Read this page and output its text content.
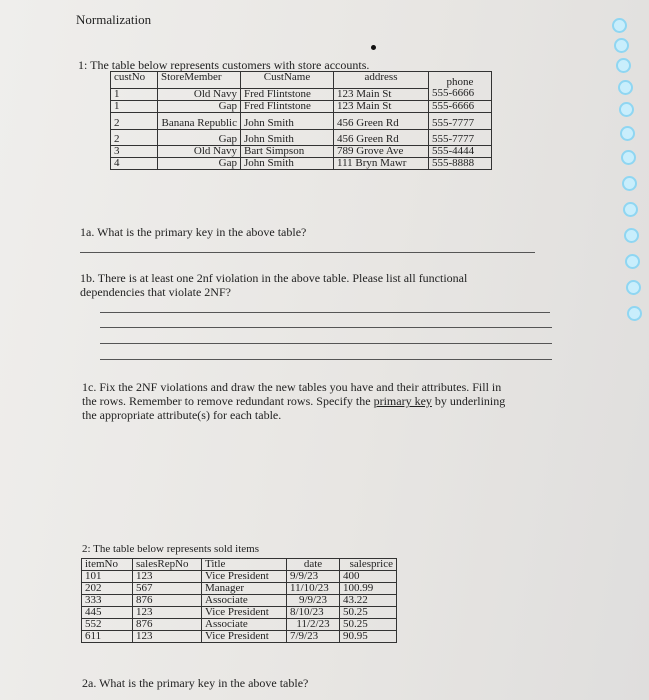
Normalization
1: The table below represents customers with store accounts.
custNo	StoreMember	CustName	address	phone
1	Old Navy	Fred Flintstone	123 Main St	555-6666
1	Gap	Fred Flintstone	123 Main St	555-6666
2	Banana Republic	John Smith	456 Green Rd	555-7777
2	Gap	John Smith	456 Green Rd	555-7777
3	Old Navy	Bart Simpson	789 Grove Ave	555-4444
4	Gap	John Smith	111 Bryn Mawr	555-8888
1a. What is the primary key in the above table?
1b. There is at least one 2nf violation in the above table. Please list all functional
dependencies that violate 2NF?
1c. Fix the 2NF violations and draw the new tables you have and their attributes. Fill in
the rows. Remember to remove redundant rows. Specify the primary key by underlining
the appropriate attribute(s) for each table.
2: The table below represents sold items
itemNo	salesRepNo	Title	date	salesprice
101	123	Vice President	9/9/23	400
202	567	Manager	11/10/23	100.99
333	876	Associate	9/9/23	43.22
445	123	Vice President	8/10/23	50.25
552	876	Associate	11/2/23	50.25
611	123	Vice President	7/9/23	90.95
2a. What is the primary key in the above table?
